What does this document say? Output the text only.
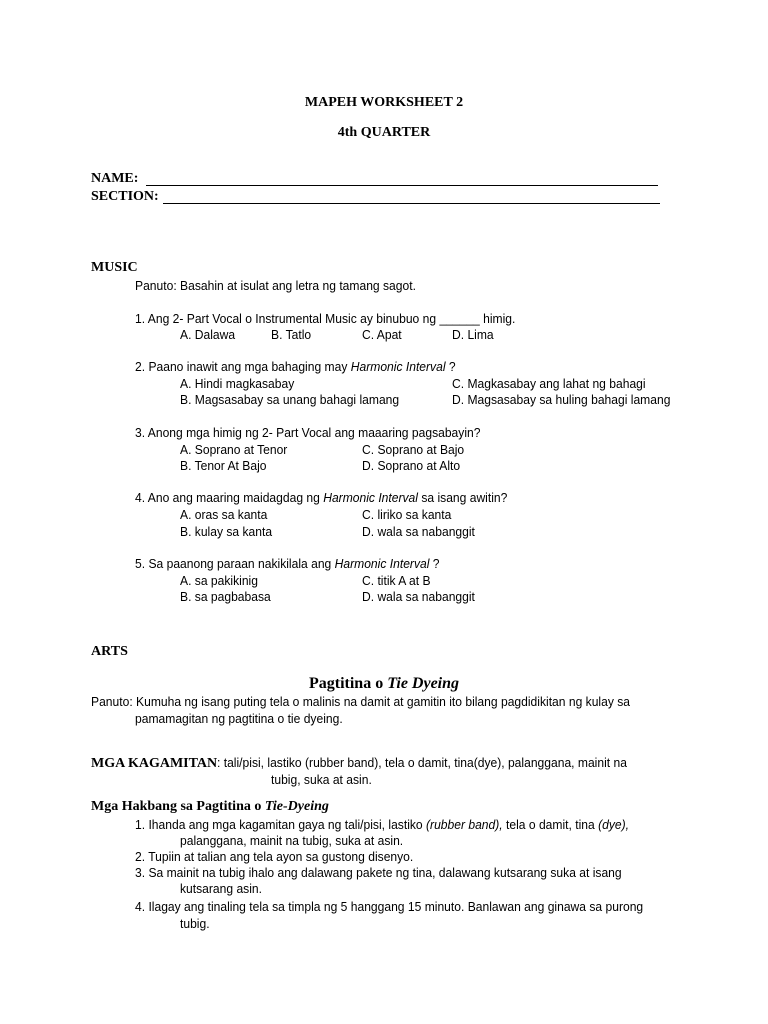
MAPEH WORKSHEET 2
4th QUARTER
NAME:
SECTION:
MUSIC
Panuto: Basahin at isulat ang letra ng tamang sagot.
1. Ang 2- Part Vocal o Instrumental Music ay binubuo ng ______ himig.
A. Dalawa	B. Tatlo	C. Apat	D. Lima
2. Paano inawit ang mga bahaging may Harmonic Interval ?
A. Hindi magkasabay
B. Magsasabay sa unang bahagi lamang
C. Magkasabay ang lahat ng bahagi
D. Magsasabay sa huling bahagi lamang
3. Anong mga himig ng 2- Part Vocal ang maaaring pagsabayin?
A. Soprano at Tenor
B. Tenor At Bajo
C. Soprano at Bajo
D. Soprano at Alto
4. Ano ang maaring maidagdag ng Harmonic Interval sa isang awitin?
A. oras sa kanta
B. kulay sa kanta
C. liriko sa kanta
D. wala sa nabanggit
5. Sa paanong paraan nakikilala ang Harmonic Interval ?
A. sa pakikinig
B. sa pagbabasa
C. titik A at B
D. wala sa nabanggit
ARTS
Pagtitina o Tie Dyeing
Panuto: Kumuha ng isang puting tela o malinis na damit at gamitin ito bilang pagdidikitan ng kulay sa
pamamagitan ng pagtitina o tie dyeing.
MGA KAGAMITAN: tali/pisi, lastiko (rubber band), tela o damit, tina(dye), palanggana, mainit na
tubig, suka at asin.
Mga Hakbang sa Pagtitina o Tie-Dyeing
1. Ihanda ang mga kagamitan gaya ng tali/pisi, lastiko (rubber band), tela o damit, tina (dye),
palanggana, mainit na tubig, suka at asin.
2. Tupiin at talian ang tela ayon sa gustong disenyo.
3. Sa mainit na tubig ihalo ang dalawang pakete ng tina, dalawang kutsarang suka at isang
kutsarang asin.
4. Ilagay ang tinaling tela sa timpla ng 5 hanggang 15 minuto. Banlawan ang ginawa sa purong
tubig.
